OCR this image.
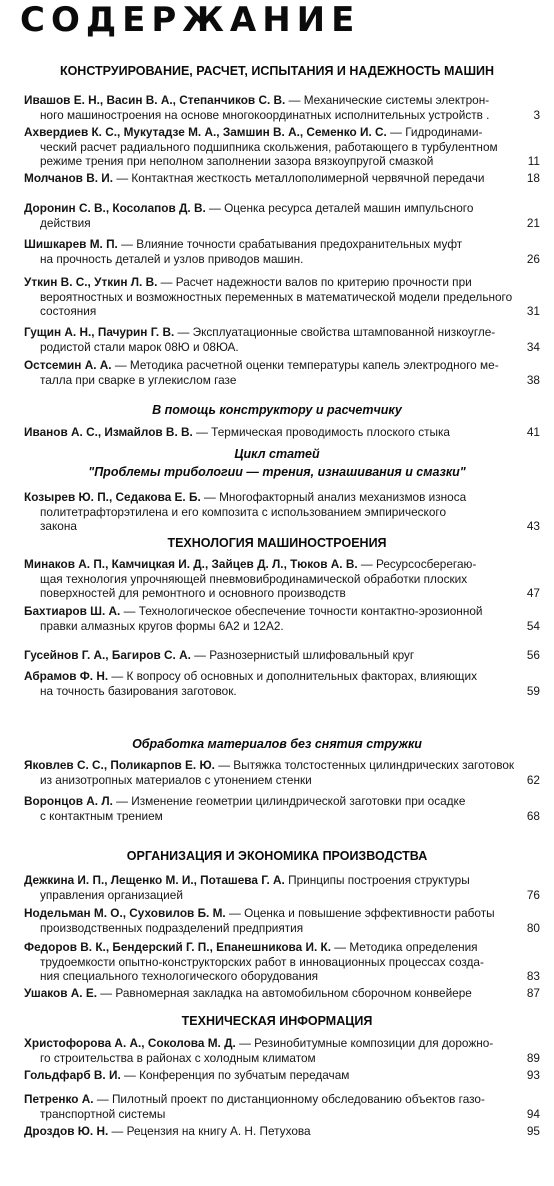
СОДЕРЖАНИЕ
КОНСТРУИРОВАНИЕ, РАСЧЕТ, ИСПЫТАНИЯ И НАДЕЖНОСТЬ МАШИН
Ивашов Е. Н., Васин В. А., Степанчиков С. В. — Механические системы электрон-
ного машиностроения на основе многокоординатных исполнительных устройств .	3
Ахвердиев К. С., Мукутадзе М. А., Замшин В. А., Семенко И. С. — Гидродинами-
ческий расчет радиального подшипника скольжения, работающего в турбулентном
режиме трения при неполном заполнении зазора вязкоупругой смазкой	11
Молчанов В. И. — Контактная жесткость металлополимерной червячной передачи	18
Доронин С. В., Косолапов Д. В. — Оценка ресурса деталей машин импульсного
действия	21
Шишкарев М. П. — Влияние точности срабатывания предохранительных муфт
на прочность деталей и узлов приводов машин.	26
Уткин В. С., Уткин Л. В. — Расчет надежности валов по критерию прочности при
вероятностных и возможностных переменных в математической модели предельного
состояния	31
Гущин А. Н., Пачурин Г. В. — Эксплуатационные свойства штампованной низкоугле-
родистой стали марок 08Ю и 08ЮА.	34
Остсемин А. А. — Методика расчетной оценки температуры капель электродного ме-
талла при сварке в углекислом газе	38
В помощь конструктору и расчетчику
Иванов А. С., Измайлов В. В. — Термическая проводимость плоского стыка	41
Цикл статей
"Проблемы трибологии — трения, изнашивания и смазки"
Козырев Ю. П., Седакова Е. Б. — Многофакторный анализ механизмов износа
политетрафторэтилена и его композита с использованием эмпирического
закона	43
ТЕХНОЛОГИЯ МАШИНОСТРОЕНИЯ
Минаков А. П., Камчицкая И. Д., Зайцев Д. Л., Тюков А. В. — Ресурсосберегаю-
щая технология упрочняющей пневмовибродинамической обработки плоских
поверхностей для ремонтного и основного производств	47
Бахтиаров Ш. А. — Технологическое обеспечение точности контактно-эрозионной
правки алмазных кругов формы 6А2 и 12А2.	54
Гусейнов Г. А., Багиров С. А. — Разнозернистый шлифовальный круг	56
Абрамов Ф. Н. — К вопросу об основных и дополнительных факторах, влияющих
на точность базирования заготовок.	59
Обработка материалов без снятия стружки
Яковлев С. С., Поликарпов Е. Ю. — Вытяжка толстостенных цилиндрических заготовок
из анизотропных материалов с утонением стенки	62
Воронцов А. Л. — Изменение геометрии цилиндрической заготовки при осадке
с контактным трением	68
ОРГАНИЗАЦИЯ И ЭКОНОМИКА ПРОИЗВОДСТВА
Дежкина И. П., Лещенко М. И., Поташева Г. А. Принципы построения структуры
управления организацией	76
Нодельман М. О., Суховилов Б. М. — Оценка и повышение эффективности работы
производственных подразделений предприятия	80
Федоров В. К., Бендерский Г. П., Епанешникова И. К. — Методика определения
трудоемкости опытно-конструкторских работ в инновационных процессах созда-
ния специального технологического оборудования	83
Ушаков А. Е. — Равномерная закладка на автомобильном сборочном конвейере	87
ТЕХНИЧЕСКАЯ ИНФОРМАЦИЯ
Христофорова А. А., Соколова М. Д. — Резинобитумные композиции для дорожно-
го строительства в районах с холодным климатом	89
Гольдфарб В. И. — Конференция по зубчатым передачам	93
Петренко А. — Пилотный проект по дистанционному обследованию объектов газо-
транспортной системы	94
Дроздов Ю. Н. — Рецензия на книгу А. Н. Петухова	95
